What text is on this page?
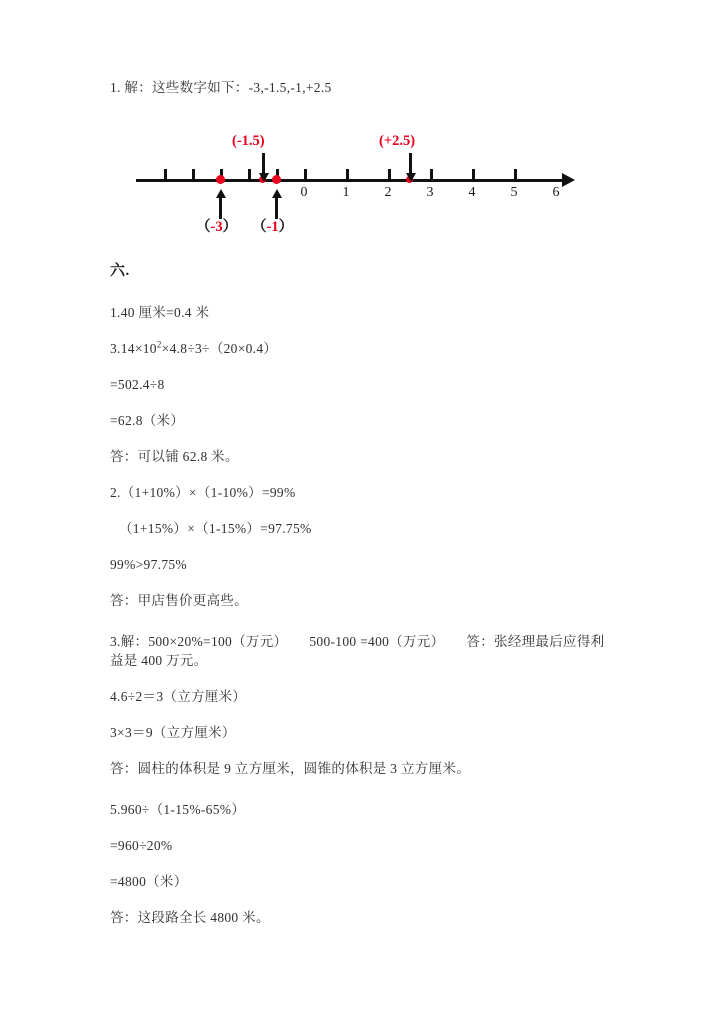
1. 解：这些数字如下：-3,-1.5,-1,+2.5
0	1	2	3	4	5	6
(-1.5)	(+2.5)
（-3） （-1）
六.
1.40 厘米=0.4 米
$3.14\times 10^2\times 4.8\div 3\div(20\times 0.4)$
=502.4÷8
=62.8（米）
答：可以铺 62.8 米。
2.（1+10%）×（1-10%）=99%
（1+15%）×（1-15%）=97.75%
99%>97.75%
答：甲店售价更高些。
3.解：500×20%=100（万元）      500-100 =400（万元）      答：张经理最后应得利益是 400 万元。
4.6÷2＝3（立方厘米）
3×3＝9（立方厘米）
答：圆柱的体积是 9 立方厘米，圆锥的体积是 3 立方厘米。
5.960÷（1-15%-65%）
=960÷20%
=4800（米）
答：这段路全长 4800 米。
